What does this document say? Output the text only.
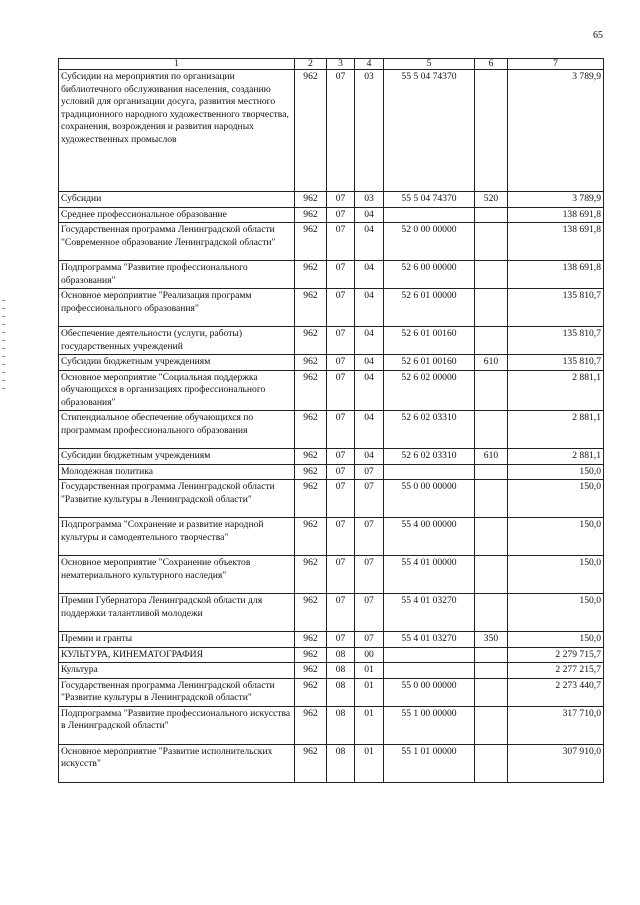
65
1	2	3	4	5	6	7
Субсидии на мероприятия по организации библиотечного обслуживания населения, созданию условий для организации досуга, развития местного традиционного народного художественного творчества, сохранения, возрождения и развития народных художественных промыслов	962	07	03	55 5 04 74370		3 789,9
Субсидии	962	07	03	55 5 04 74370	520	3 789,9
Среднее профессиональное образование	962	07	04			138 691,8
Государственная программа Ленинградской области "Современное образование Ленинградской области"	962	07	04	52 0 00 00000		138 691,8
Подпрограмма "Развитие профессионального образования"	962	07	04	52 6 00 00000		138 691,8
Основное мероприятие "Реализация программ профессионального образования"	962	07	04	52 6 01 00000		135 810,7
Обеспечение деятельности (услуги, работы) государственных учреждений	962	07	04	52 6 01 00160		135 810,7
Субсидии бюджетным учреждениям	962	07	04	52 6 01 00160	610	135 810,7
Основное мероприятие "Социальная поддержка обучающихся в организациях профессионального образования"	962	07	04	52 6 02 00000		2 881,1
Стипендиальное обеспечение обучающихся по программам профессионального образования	962	07	04	52 6 02 03310		2 881,1
Субсидии бюджетным учреждениям	962	07	04	52 6 02 03310	610	2 881,1
Молодежная политика	962	07	07			150,0
Государственная программа Ленинградской области "Развитие культуры в Ленинградской области"	962	07	07	55 0 00 00000		150,0
Подпрограмма "Сохранение и развитие народной культуры и самодеятельного творчества"	962	07	07	55 4 00 00000		150,0
Основное мероприятие "Сохранение объектов нематериального культурного наследия"	962	07	07	55 4 01 00000		150,0
Премии Губернатора Ленинградской области для поддержки талантливой молодежи	962	07	07	55 4 01 03270		150,0
Премии и гранты	962	07	07	55 4 01 03270	350	150,0
КУЛЬТУРА, КИНЕМАТОГРАФИЯ	962	08	00			2 279 715,7
Культура	962	08	01			2 277 215,7
Государственная программа Ленинградской области "Развитие культуры в Ленинградской области"	962	08	01	55 0 00 00000		2 273 440,7
Подпрограмма "Развитие профессионального искусства в Ленинградской области"	962	08	01	55 1 00 00000		317 710,0
Основное мероприятие "Развитие исполнительских искусств"	962	08	01	55 1 01 00000		307 910,0
